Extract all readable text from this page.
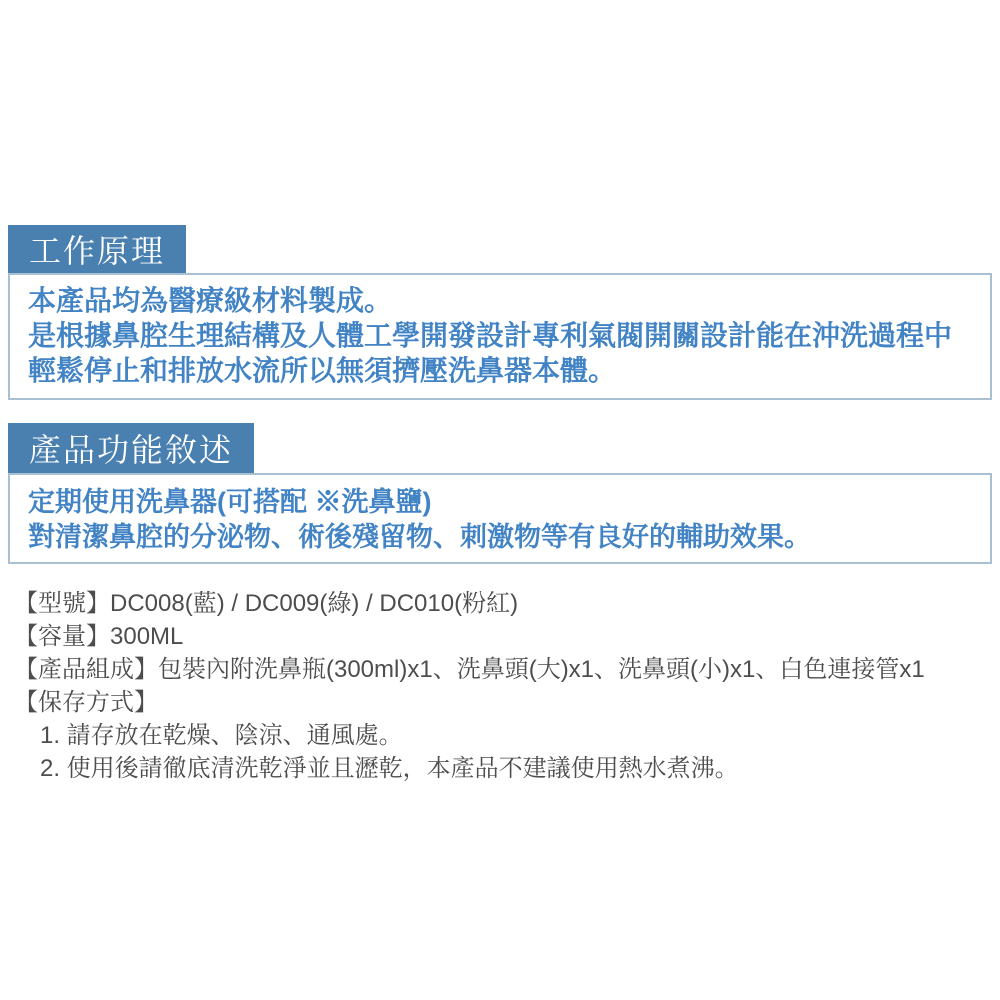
工作原理
本產品均為醫療級材料製成。
是根據鼻腔生理結構及人體工學開發設計專利氣閥開關設計能在沖洗過程中
輕鬆停止和排放水流所以無須擠壓洗鼻器本體。
產品功能敘述
定期使用洗鼻器(可搭配 ※洗鼻鹽)
對清潔鼻腔的分泌物、術後殘留物、刺激物等有良好的輔助效果。
【型號】DC008(藍) / DC009(綠) / DC010(粉紅)
【容量】300ML
【產品組成】包裝內附洗鼻瓶(300ml)x1、洗鼻頭(大)x1、洗鼻頭(小)x1、白色連接管x1
【保存方式】
1. 請存放在乾燥、陰涼、通風處。
2. 使用後請徹底清洗乾淨並且瀝乾，本產品不建議使用熱水煮沸。
